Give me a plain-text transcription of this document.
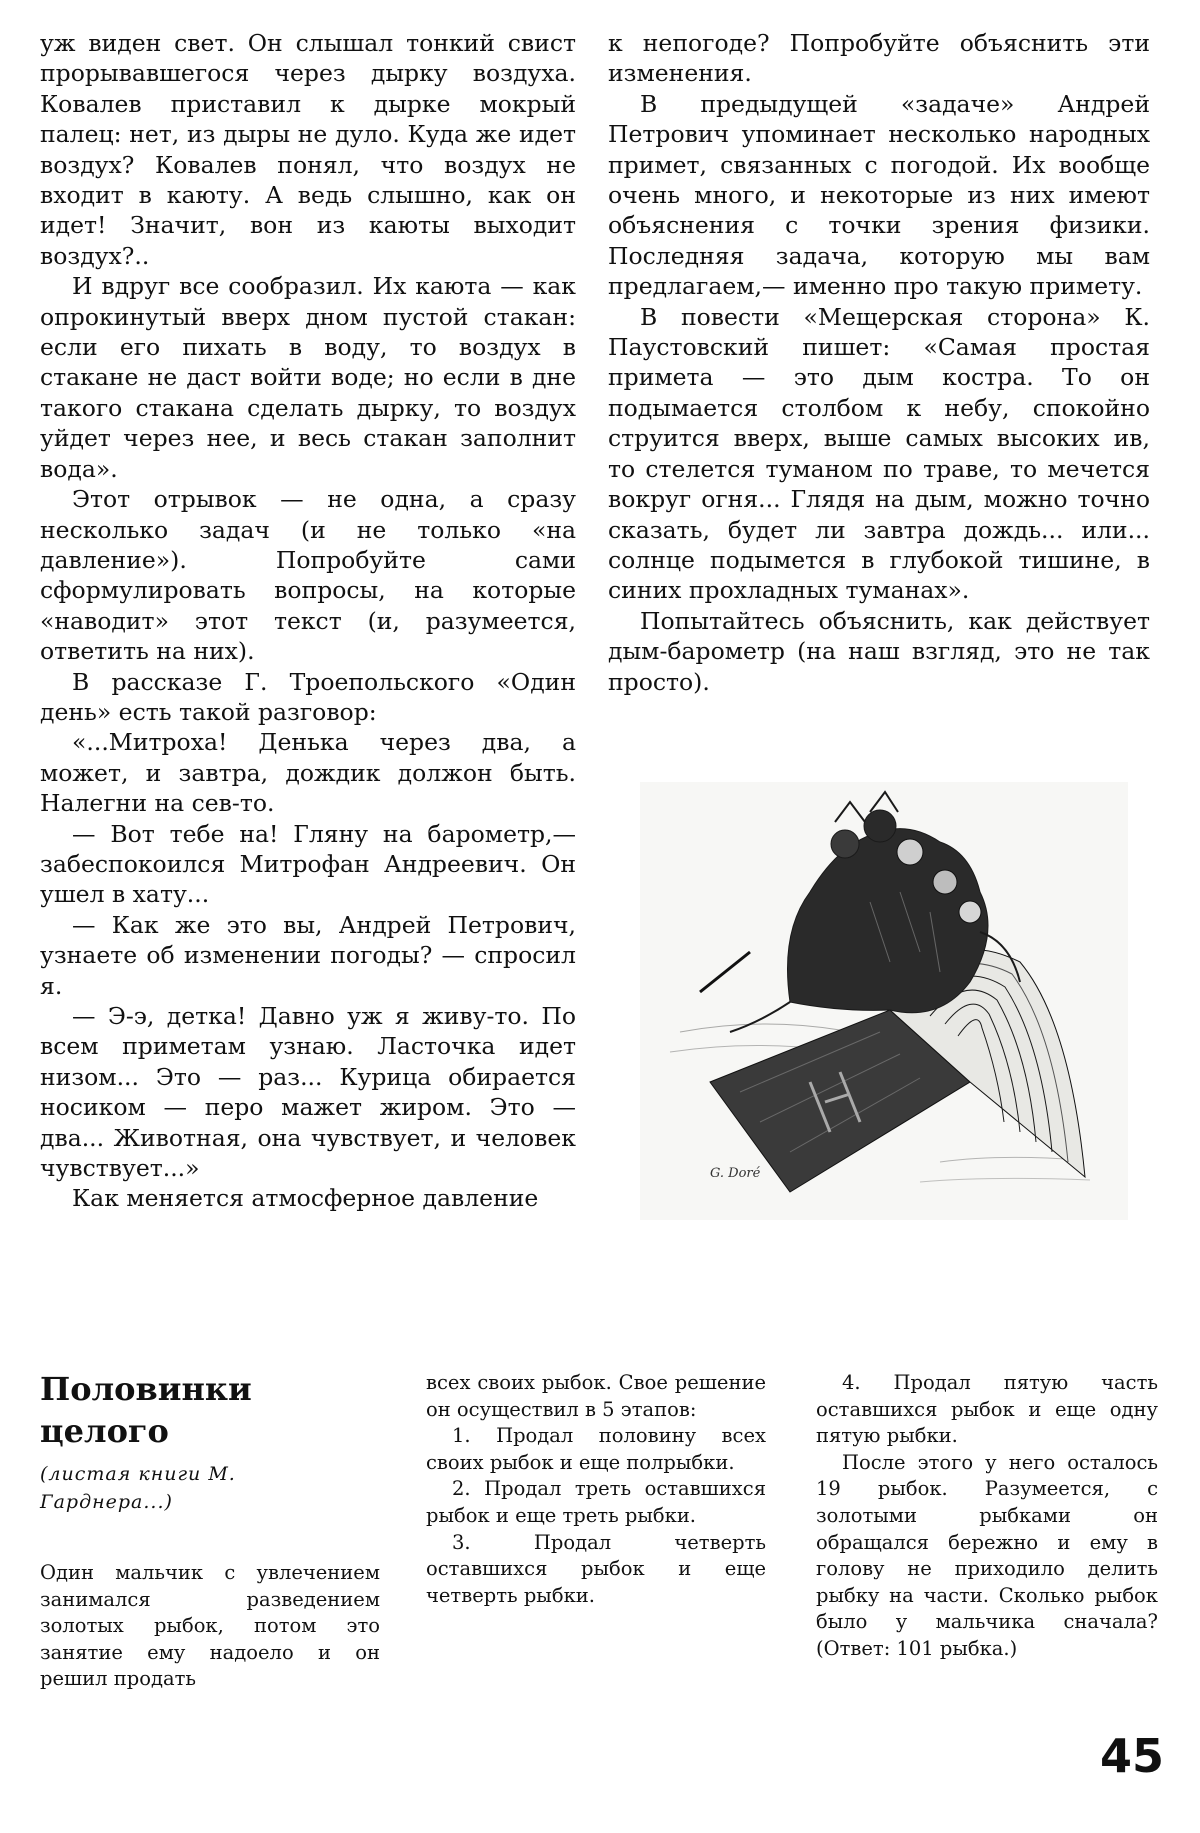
уж виден свет. Он слышал тонкий свист прорывавшегося через дырку воздуха. Ковалев приставил к дырке мокрый палец: нет, из дыры не дуло. Куда же идет воздух? Ковалев понял, что воздух не входит в каюту. А ведь слышно, как он идет! Значит, вон из каюты выходит воздух?..

И вдруг все сообразил. Их каюта — как опрокинутый вверх дном пустой стакан: если его пихать в воду, то воздух в стакане не даст войти воде; но если в дне такого стакана сделать дырку, то воздух уйдет через нее, и весь стакан заполнит вода».

Этот отрывок — не одна, а сразу несколько задач (и не только «на давление»). Попробуйте сами сформулировать вопросы, на которые «наводит» этот текст (и, разумеется, ответить на них).

В рассказе Г. Троепольского «Один день» есть такой разговор:

«...Митроха! Денька через два, а может, и завтра, дождик должон быть. Налегни на сев-то.

— Вот тебе на! Гляну на барометр,— забеспокоился Митрофан Андреевич. Он ушел в хату...

— Как же это вы, Андрей Петрович, узнаете об изменении погоды? — спросил я.

— Э-э, детка! Давно уж я живу-то. По всем приметам узнаю. Ласточка идет низом... Это — раз... Курица обирается носиком — перо мажет жиром. Это — два... Животная, она чувствует, и человек чувствует...»

Как меняется атмосферное давление

к непогоде? Попробуйте объяснить эти изменения.

В предыдущей «задаче» Андрей Петрович упоминает несколько народных примет, связанных с погодой. Их вообще очень много, и некоторые из них имеют объяснения с точки зрения физики. Последняя задача, которую мы вам предлагаем,— именно про такую примету.

В повести «Мещерская сторона» К. Паустовский пишет: «Самая простая примета — это дым костра. То он подымается столбом к небу, спокойно струится вверх, выше самых высоких ив, то стелется туманом по траве, то мечется вокруг огня... Глядя на дым, можно точно сказать, будет ли завтра дождь... или... солнце подымется в глубокой тишине, в синих прохладных туманах».

Попытайтесь объяснить, как действует дым-барометр (на наш взгляд, это не так просто).

G. Doré
Половинки целого
(листая книги М. Гарднера...)

Один мальчик с увлечением занимался разведением золотых рыбок, потом это занятие ему надоело и он решил продать

всех своих рыбок. Свое решение он осуществил в 5 этапов:

1. Продал половину всех своих рыбок и еще полрыбки.

2. Продал треть оставшихся рыбок и еще треть рыбки.

3. Продал четверть оставшихся рыбок и еще четверть рыбки.

4. Продал пятую часть оставшихся рыбок и еще одну пятую рыбки.

После этого у него осталось 19 рыбок. Разумеется, с золотыми рыбками он обращался бережно и ему в голову не приходило делить рыбку на части. Сколько рыбок было у мальчика сначала? (Ответ: 101 рыбка.)

45
